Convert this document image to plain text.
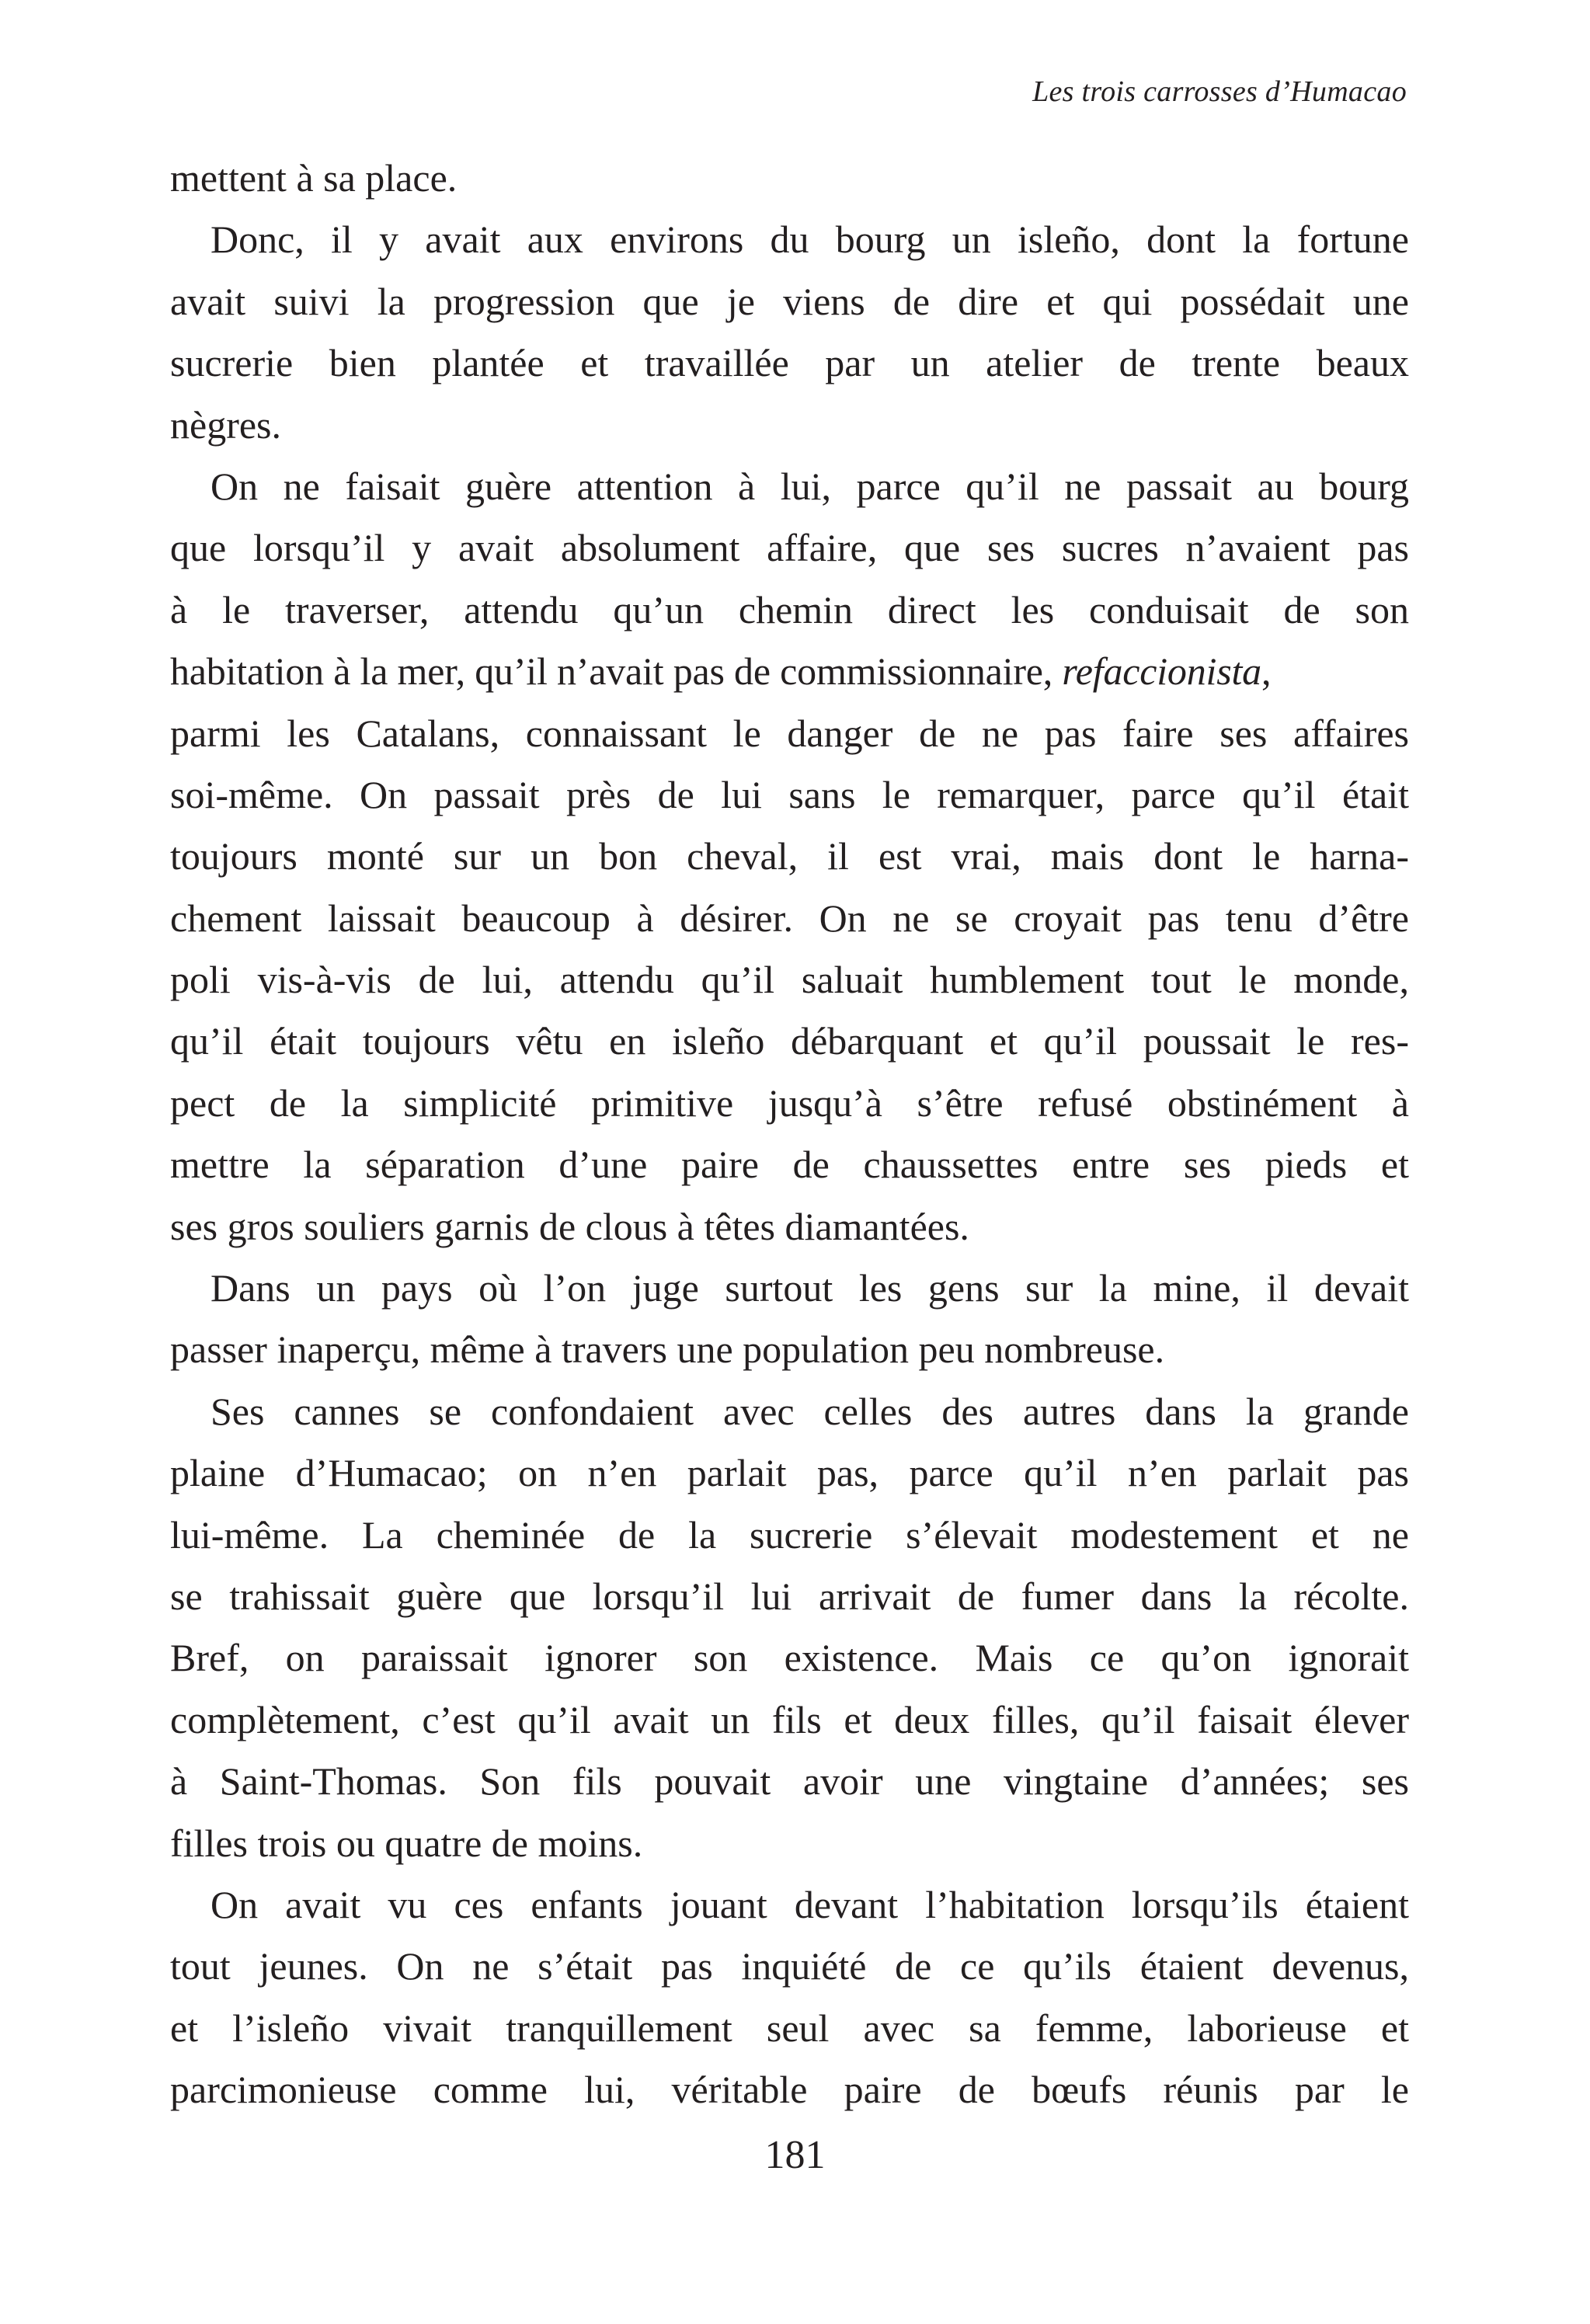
Les trois carrosses d’Humacao
mettent à sa place.
Donc, il y avait aux environs du bourg un isleño, dont la fortune
avait suivi la progression que je viens de dire et qui possédait une
sucrerie bien plantée et travaillée par un atelier de trente beaux
nègres.
On ne faisait guère attention à lui, parce qu’il ne passait au bourg
que lorsqu’il y avait absolument affaire, que ses sucres n’avaient pas
à le traverser, attendu qu’un chemin direct les conduisait de son
habitation à la mer, qu’il n’avait pas de commissionnaire, refaccionista,
parmi les Catalans, connaissant le danger de ne pas faire ses affaires
soi-même. On passait près de lui sans le remarquer, parce qu’il était
toujours monté sur un bon cheval, il est vrai, mais dont le harna-
chement laissait beaucoup à désirer. On ne se croyait pas tenu d’être
poli vis-à-vis de lui, attendu qu’il saluait humblement tout le monde,
qu’il était toujours vêtu en isleño débarquant et qu’il poussait le res-
pect de la simplicité primitive jusqu’à s’être refusé obstinément à
mettre la séparation d’une paire de chaussettes entre ses pieds et
ses gros souliers garnis de clous à têtes diamantées.
Dans un pays où l’on juge surtout les gens sur la mine, il devait
passer inaperçu, même à travers une population peu nombreuse.
Ses cannes se confondaient avec celles des autres dans la grande
plaine d’Humacao; on n’en parlait pas, parce qu’il n’en parlait pas
lui-même. La cheminée de la sucrerie s’élevait modestement et ne
se trahissait guère que lorsqu’il lui arrivait de fumer dans la récolte.
Bref, on paraissait ignorer son existence. Mais ce qu’on ignorait
complètement, c’est qu’il avait un fils et deux filles, qu’il faisait élever
à Saint-Thomas. Son fils pouvait avoir une vingtaine d’années; ses
filles trois ou quatre de moins.
On avait vu ces enfants jouant devant l’habitation lorsqu’ils étaient
tout jeunes. On ne s’était pas inquiété de ce qu’ils étaient devenus,
et l’isleño vivait tranquillement seul avec sa femme, laborieuse et
parcimonieuse comme lui, véritable paire de bœufs réunis par le
181
